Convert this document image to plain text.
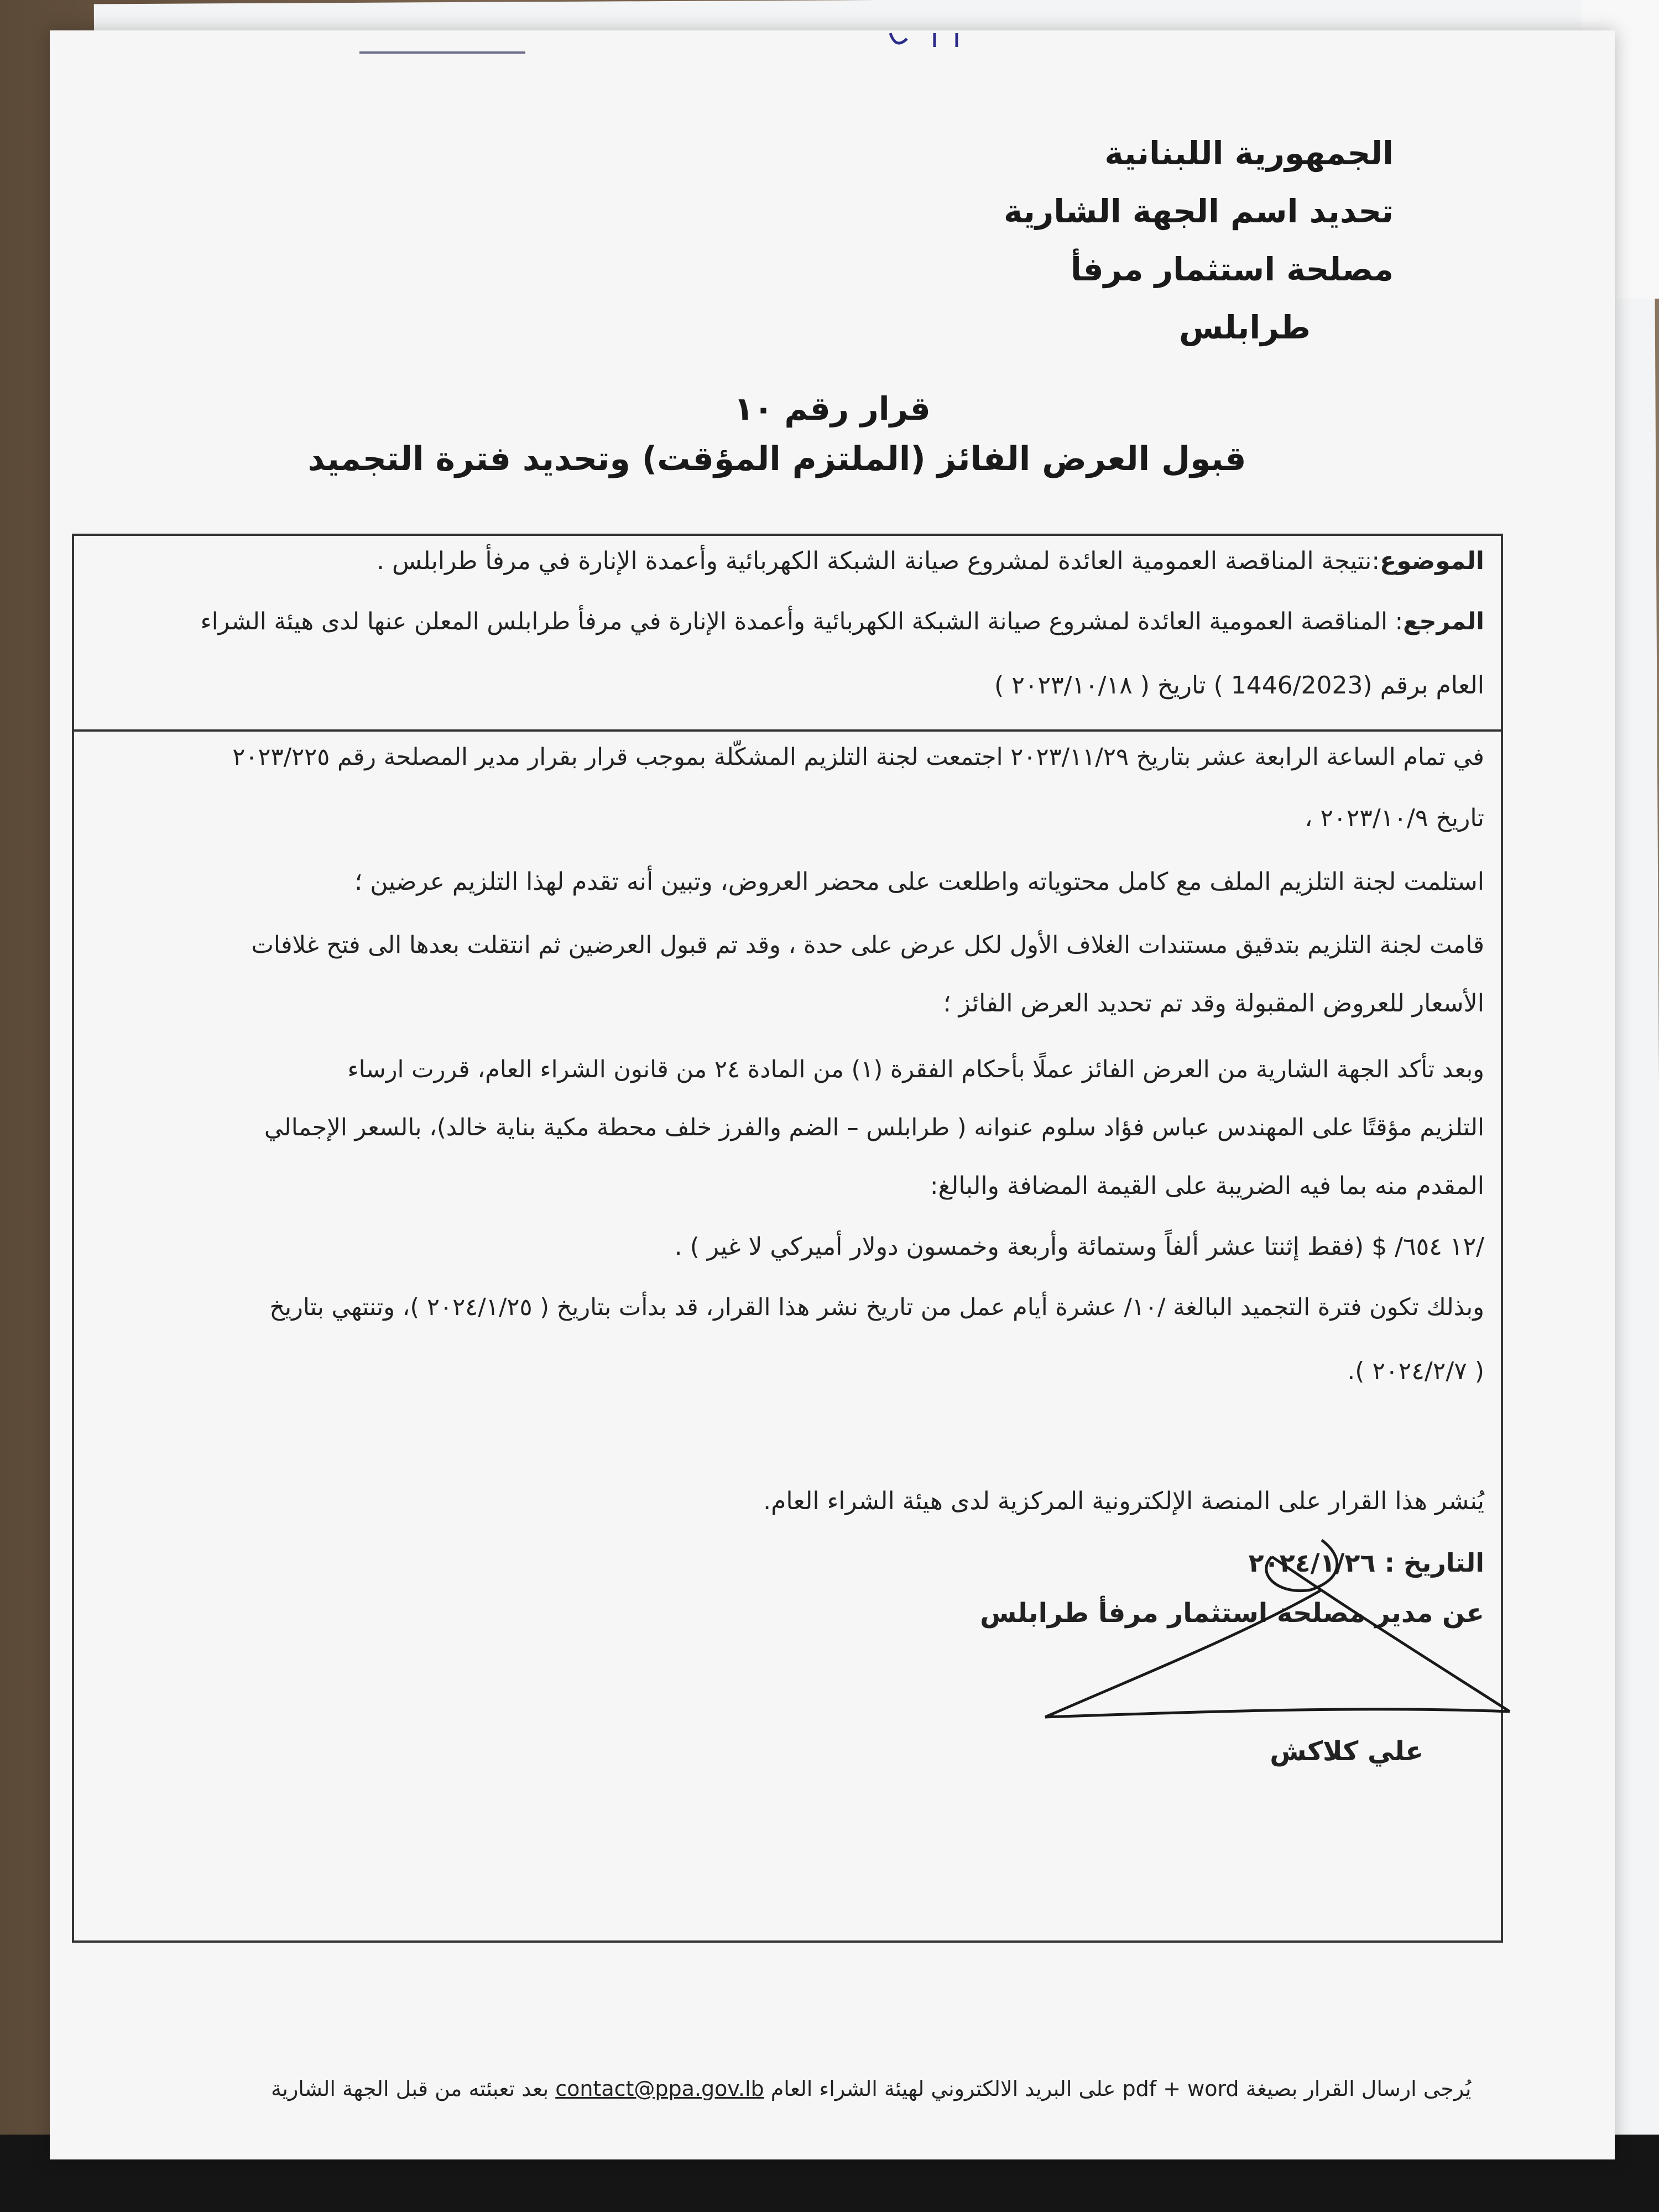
الجمهورية اللبنانية
تحديد اسم الجهة الشارية
مصلحة استثمار مرفأ
طرابلس
قرار رقم ١٠
قبول العرض الفائز (الملتزم المؤقت) وتحديد فترة التجميد
الموضوع:نتيجة المناقصة العمومية العائدة لمشروع صيانة الشبكة الكهربائية وأعمدة الإنارة في مرفأ طرابلس .
المرجع: المناقصة العمومية العائدة لمشروع صيانة الشبكة الكهربائية وأعمدة الإنارة في مرفأ طرابلس المعلن عنها لدى هيئة الشراء
العام برقم (1446/2023 ) تاريخ ( ٢٠٢٣/١٠/١٨ )
في تمام الساعة الرابعة عشر بتاريخ ٢٠٢٣/١١/٢٩ اجتمعت لجنة التلزيم المشكّلة بموجب قرار بقرار مدير المصلحة رقم ٢٠٢٣/٢٢٥
تاريخ ٢٠٢٣/١٠/٩ ،
استلمت لجنة التلزيم الملف مع كامل محتوياته واطلعت على محضر العروض، وتبين أنه تقدم لهذا التلزيم عرضين ؛
قامت لجنة التلزيم بتدقيق مستندات الغلاف الأول لكل عرض على حدة ، وقد تم قبول العرضين ثم انتقلت بعدها الى فتح غلافات
الأسعار للعروض المقبولة وقد تم تحديد العرض الفائز ؛
وبعد تأكد الجهة الشارية من العرض الفائز عملًا بأحكام الفقرة (١) من المادة ٢٤ من قانون الشراء العام، قررت ارساء
التلزيم مؤقتًا على المهندس عباس فؤاد سلوم عنوانه ( طرابلس – الضم والفرز خلف محطة مكية بناية خالد)، بالسعر الإجمالي
المقدم منه بما فيه الضريبة على القيمة المضافة والبالغ:
/١٢ ٦٥٤/ $ (فقط إثنتا عشر ألفاً وستمائة وأربعة وخمسون دولار أميركي لا غير ) .
وبذلك تكون فترة التجميد البالغة /١٠/ عشرة أيام عمل من تاريخ نشر هذا القرار، قد بدأت بتاريخ ( ٢٠٢٤/١/٢٥ )، وتنتهي بتاريخ
( ٢٠٢٤/٢/٧ ).
يُنشر هذا القرار على المنصة الإلكترونية المركزية لدى هيئة الشراء العام.
التاريخ : ٢٠٢٤/١/٢٦
عن مدير مصلحة استثمار مرفأ طرابلس
علي كلاكش
يُرجى ارسال القرار بصيغة pdf + word على البريد الالكتروني لهيئة الشراء العام contact@ppa.gov.lb بعد تعبئته من قبل الجهة الشارية
